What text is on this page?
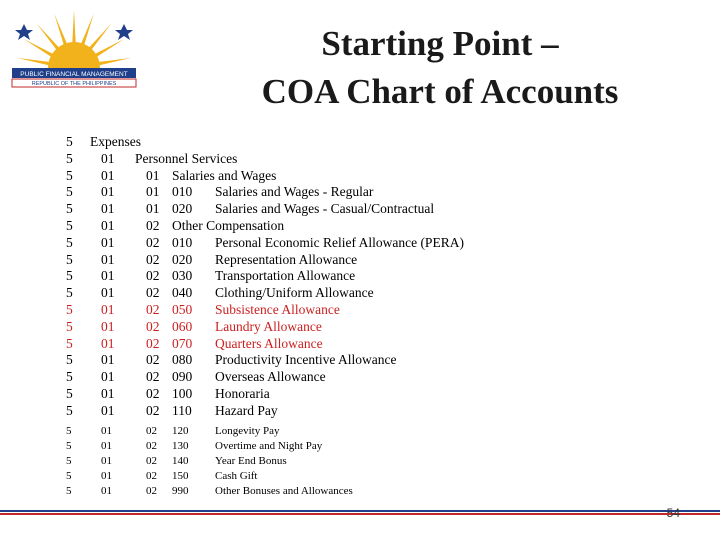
PUBLIC FINANCIAL MANAGEMENT
REPUBLIC OF THE PHILIPPINES
Starting Point –
COA Chart of Accounts
5 Expenses
5 01 Personnel Services
5 01 01 Salaries and Wages
5 01 01 010 Salaries and Wages - Regular
5 01 01 020 Salaries and Wages - Casual/Contractual
5 01 02 Other Compensation
5 01 02 010 Personal Economic Relief Allowance (PERA)
5 01 02 020 Representation Allowance
5 01 02 030 Transportation Allowance
5 01 02 040 Clothing/Uniform Allowance
5 01 02 050 Subsistence Allowance
5 01 02 060 Laundry Allowance
5 01 02 070 Quarters Allowance
5 01 02 080 Productivity Incentive Allowance
5 01 02 090 Overseas Allowance
5 01 02 100 Honoraria
5 01 02 110 Hazard Pay
5	01	02 120 Longevity Pay
5	01	02 130 Overtime and Night Pay
5	01	02 140 Year End Bonus
5	01	02 150 Cash Gift
5	01	02 990 Other Bonuses and Allowances
54
